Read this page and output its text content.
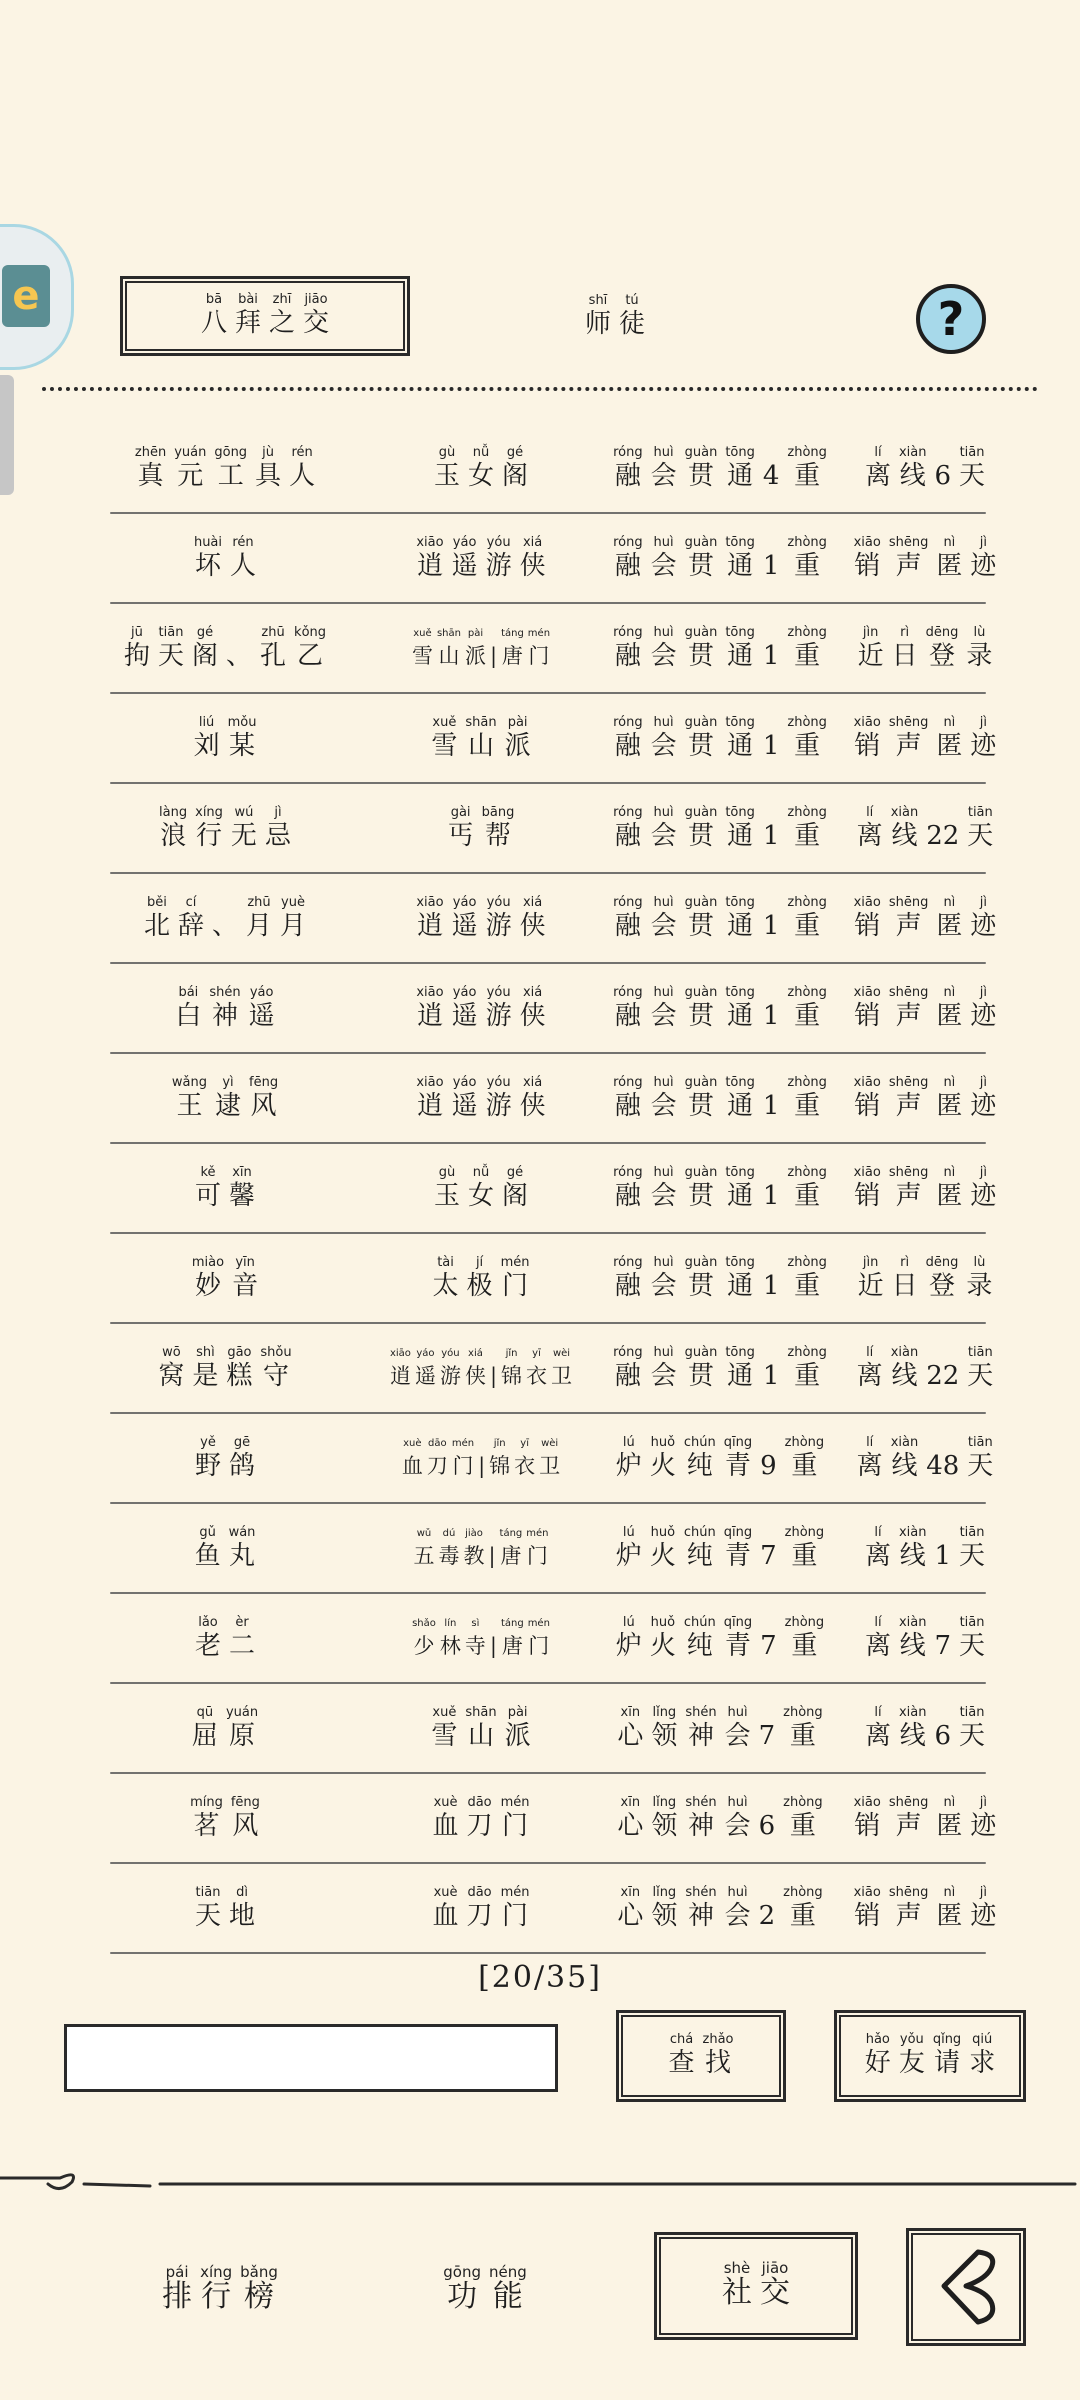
e	bā
八
bài
拜
zhī
之
jiāo
交
shī
师
tú
徒	?
zhēn
真
yuán
元
gōng
工
jù
具
rén
人
gù
玉
nǚ
女
gé
阁
róng
融
huì
会
guàn
贯
tōng
通
4
zhòng
重
lí
离
xiàn
线
6
tiān
天
huài
坏
rén
人
xiāo
逍
yáo
遥
yóu
游
xiá
侠
róng
融
huì
会
guàn
贯
tōng
通
1
zhòng
重
xiāo
销
shēng
声
nì
匿
jì
迹
jū
拘
tiān
天
gé
阁
、
zhū
孔
kǒng
乙
xuě
雪
shān
山
pài
派
|
táng
唐
mén
门
róng
融
huì
会
guàn
贯
tōng
通
1
zhòng
重
jìn
近
rì
日
dēng
登
lù
录
liú
刘
mǒu
某
xuě
雪
shān
山
pài
派
róng
融
huì
会
guàn
贯
tōng
通
1
zhòng
重
xiāo
销
shēng
声
nì
匿
jì
迹
làng
浪
xíng
行
wú
无
jì
忌
gài
丐
bāng
帮
róng
融
huì
会
guàn
贯
tōng
通
1
zhòng
重
lí
离
xiàn
线
22
tiān
天
běi
北
cí
辞
、
zhū
月
yuè
月
xiāo
逍
yáo
遥
yóu
游
xiá
侠
róng
融
huì
会
guàn
贯
tōng
通
1
zhòng
重
xiāo
销
shēng
声
nì
匿
jì
迹
bái
白
shén
神
yáo
遥
xiāo
逍
yáo
遥
yóu
游
xiá
侠
róng
融
huì
会
guàn
贯
tōng
通
1
zhòng
重
xiāo
销
shēng
声
nì
匿
jì
迹
wǎng
王
yì
逮
fēng
风
xiāo
逍
yáo
遥
yóu
游
xiá
侠
róng
融
huì
会
guàn
贯
tōng
通
1
zhòng
重
xiāo
销
shēng
声
nì
匿
jì
迹
kě
可
xīn
馨
gù
玉
nǚ
女
gé
阁
róng
融
huì
会
guàn
贯
tōng
通
1
zhòng
重
xiāo
销
shēng
声
nì
匿
jì
迹
miào
妙
yīn
音
tài
太
jí
极
mén
门
róng
融
huì
会
guàn
贯
tōng
通
1
zhòng
重
jìn
近
rì
日
dēng
登
lù
录
wō
窝
shì
是
gāo
糕
shǒu
守
xiāo
逍
yáo
遥
yóu
游
xiá
侠
|
jǐn
锦
yī
衣
wèi
卫
róng
融
huì
会
guàn
贯
tōng
通
1
zhòng
重
lí
离
xiàn
线
22
tiān
天
yě
野
gē
鸽
xuè
血
dāo
刀
mén
门
|
jǐn
锦
yī
衣
wèi
卫
lú
炉
huǒ
火
chún
纯
qīng
青
9
zhòng
重
lí
离
xiàn
线
48
tiān
天
gǔ
鱼
wán
丸
wǔ
五
dú
毒
jiào
教
|
táng
唐
mén
门
lú
炉
huǒ
火
chún
纯
qīng
青
7
zhòng
重
lí
离
xiàn
线
1
tiān
天
lǎo
老
èr
二
shǎo
少
lín
林
sì
寺
|
táng
唐
mén
门
lú
炉
huǒ
火
chún
纯
qīng
青
7
zhòng
重
lí
离
xiàn
线
7
tiān
天
qū
屈
yuán
原
xuě
雪
shān
山
pài
派
xīn
心
lǐng
领
shén
神
huì
会
7
zhòng
重
lí
离
xiàn
线
6
tiān
天
míng
茗
fēng
风
xuè
血
dāo
刀
mén
门
xīn
心
lǐng
领
shén
神
huì
会
6
zhòng
重
xiāo
销
shēng
声
nì
匿
jì
迹
tiān
天
dì
地
xuè
血
dāo
刀
mén
门
xīn
心
lǐng
领
shén
神
huì
会
2
zhòng
重
xiāo
销
shēng
声
nì
匿
jì
迹
[20/35]
chá
查
zhǎo
找
hǎo
好
yǒu
友
qǐng
请
qiú
求
pái
排
xíng
行
bǎng
榜
gōng
功
néng
能
shè
社
jiāo
交
